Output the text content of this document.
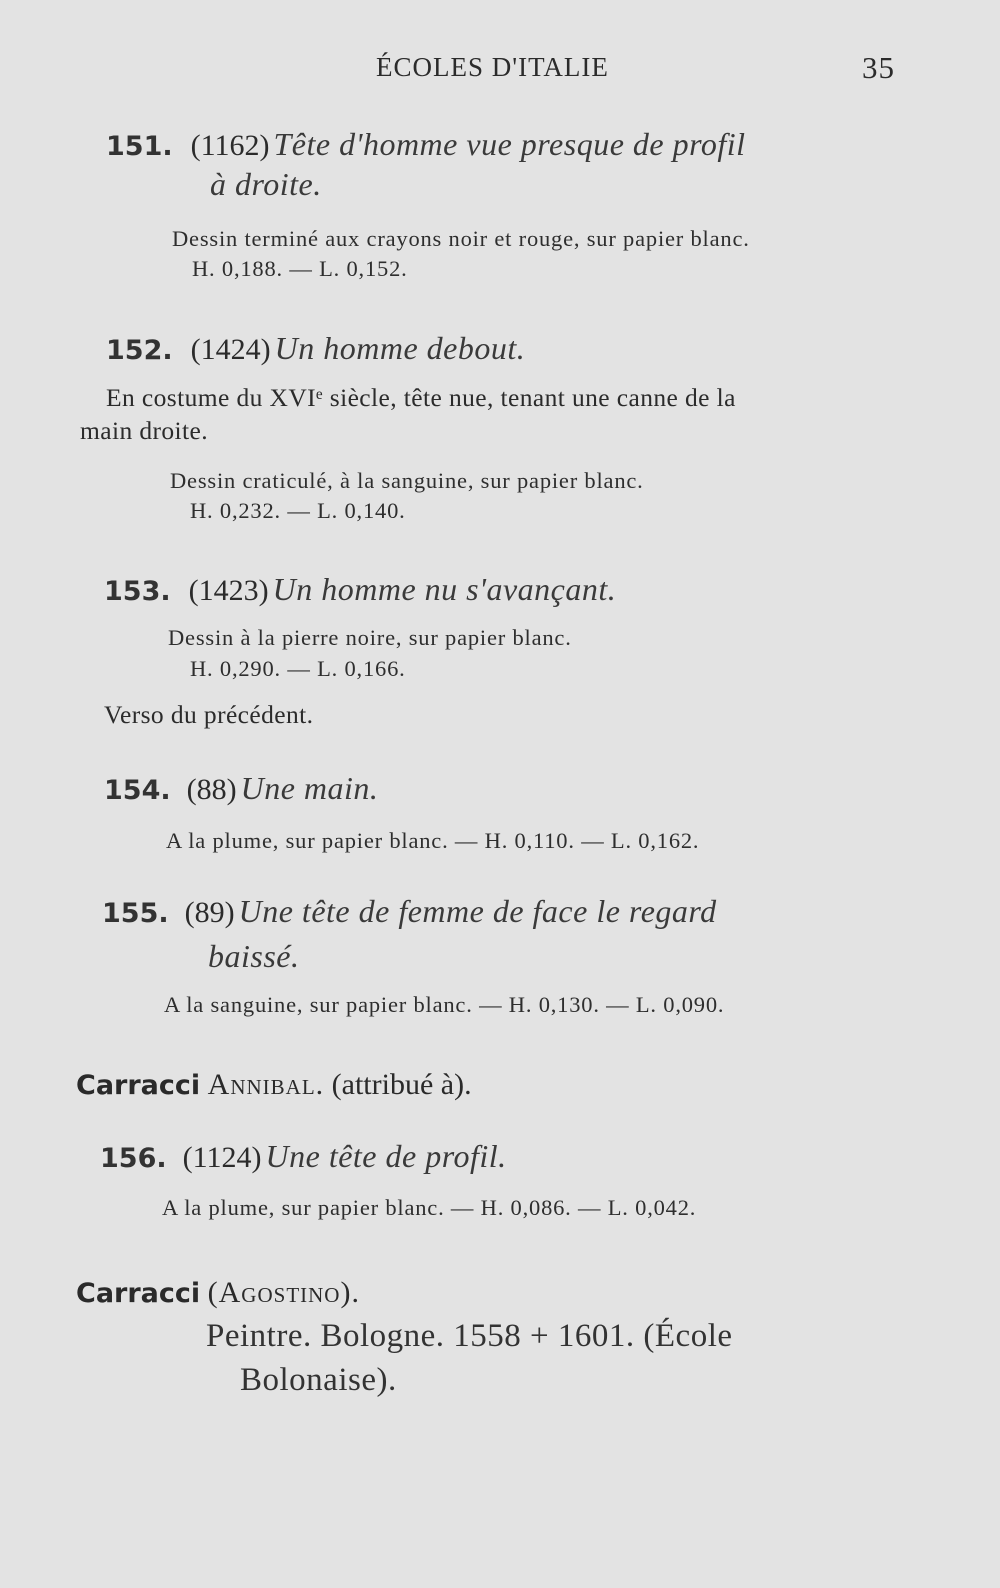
ÉCOLES D'ITALIE	35
151. (1162) Tête d'homme vue presque de profil
à droite.
Dessin terminé aux crayons noir et rouge, sur papier blanc.
H. 0,188. — L. 0,152.
152. (1424) Un homme debout.
En costume du XVIᵉ siècle, tête nue, tenant une canne de la
main droite.
Dessin craticulé, à la sanguine, sur papier blanc.
H. 0,232. — L. 0,140.
153. (1423) Un homme nu s'avançant.
Dessin à la pierre noire, sur papier blanc.
H. 0,290. — L. 0,166.
Verso du précédent.
154. (88) Une main.
A la plume, sur papier blanc. — H. 0,110. — L. 0,162.
155. (89) Une tête de femme de face le regard
baissé.
A la sanguine, sur papier blanc. — H. 0,130. — L. 0,090.
Carracci Annibal. (attribué à).
156. (1124) Une tête de profil.
A la plume, sur papier blanc. — H. 0,086. — L. 0,042.
Carracci (Agostino).
Peintre. Bologne. 1558 + 1601. (École
Bolonaise).
